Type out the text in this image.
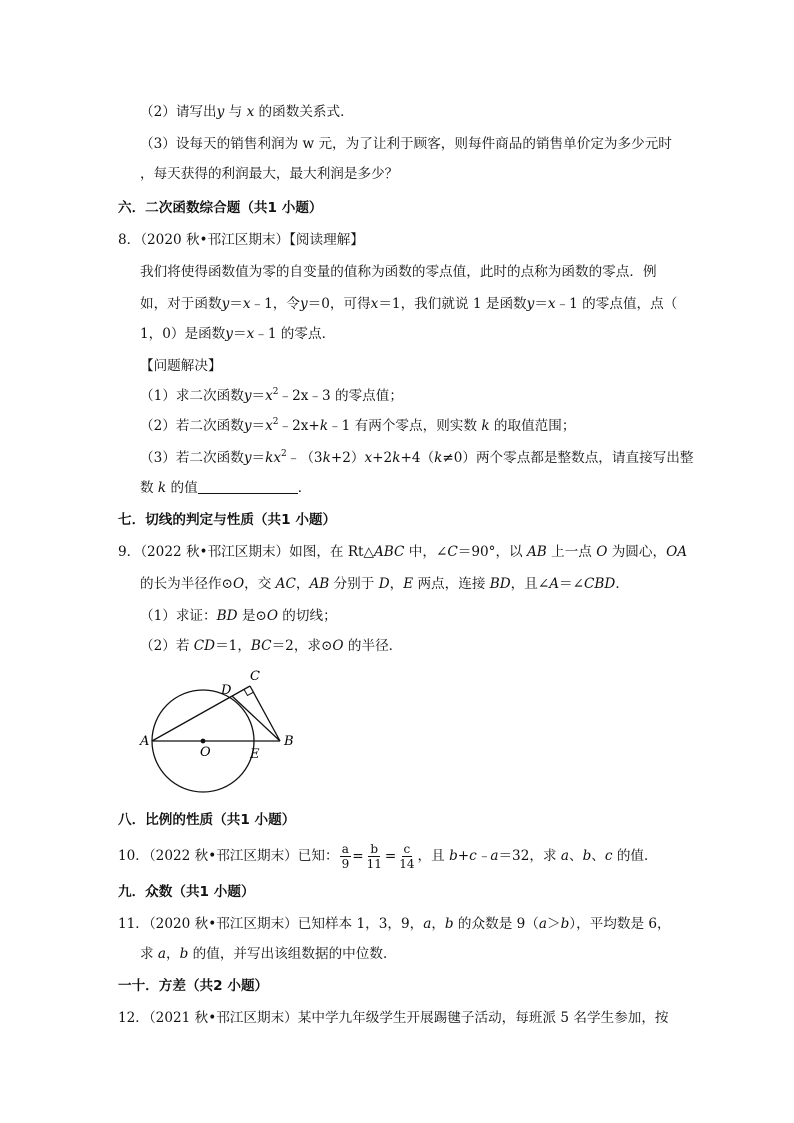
（2）请写出y 与 x 的函数关系式．
（3）设每天的销售利润为 w 元，为了让利于顾客，则每件商品的销售单价定为多少元时
，每天获得的利润最大，最大利润是多少？
六．二次函数综合题（共1 小题）
8．（2020 秋•邗江区期末）【阅读理解】
我们将使得函数值为零的自变量的值称为函数的零点值，此时的点称为函数的零点．例
如，对于函数y＝x﹣1，令y＝0，可得x＝1，我们就说 1 是函数y＝x﹣1 的零点值，点（
1，0）是函数y＝x﹣1 的零点．
【问题解决】
（1）求二次函数$y=x^2﹣2x﹣3$ 的零点值；
（2）若二次函数$y=x^2﹣2x+k﹣1$ 有两个零点，则实数 k 的取值范围；
（3）若二次函数$y=kx^2﹣(3k+2)x+2k+4(k\ne 0)$两个零点都是整数点，请直接写出整
数 k 的值	．
七．切线的判定与性质（共1 小题）
9．（2022 秋•邗江区期末）如图，在 Rt△ABC 中，∠C＝90°，以 AB 上一点 O 为圆心，OA
的长为半径作⊙O，交 AC，AB 分别于 D，E 两点，连接 BD，且∠A＝∠CBD．
（1）求证：BD 是⊙O 的切线；
（2）若 CD＝1，BC＝2，求⊙O 的半径．
A	B
C
D
E
O
八．比例的性质（共1 小题）
10．（2022 秋•邗江区期末）已知： $\frac{a}{9} = \frac{b}{11} = \frac{c}{14}$ ，且 b+c﹣a＝32，求 a、b、c 的值．
九．众数（共1 小题）
11．（2020 秋•邗江区期末）已知样本 1，3，9，a，b 的众数是 9（a＞b），平均数是 6，
求 a，b 的值，并写出该组数据的中位数．
一十．方差（共2 小题）
12．（2021 秋•邗江区期末）某中学九年级学生开展踢毽子活动，每班派 5 名学生参加，按
